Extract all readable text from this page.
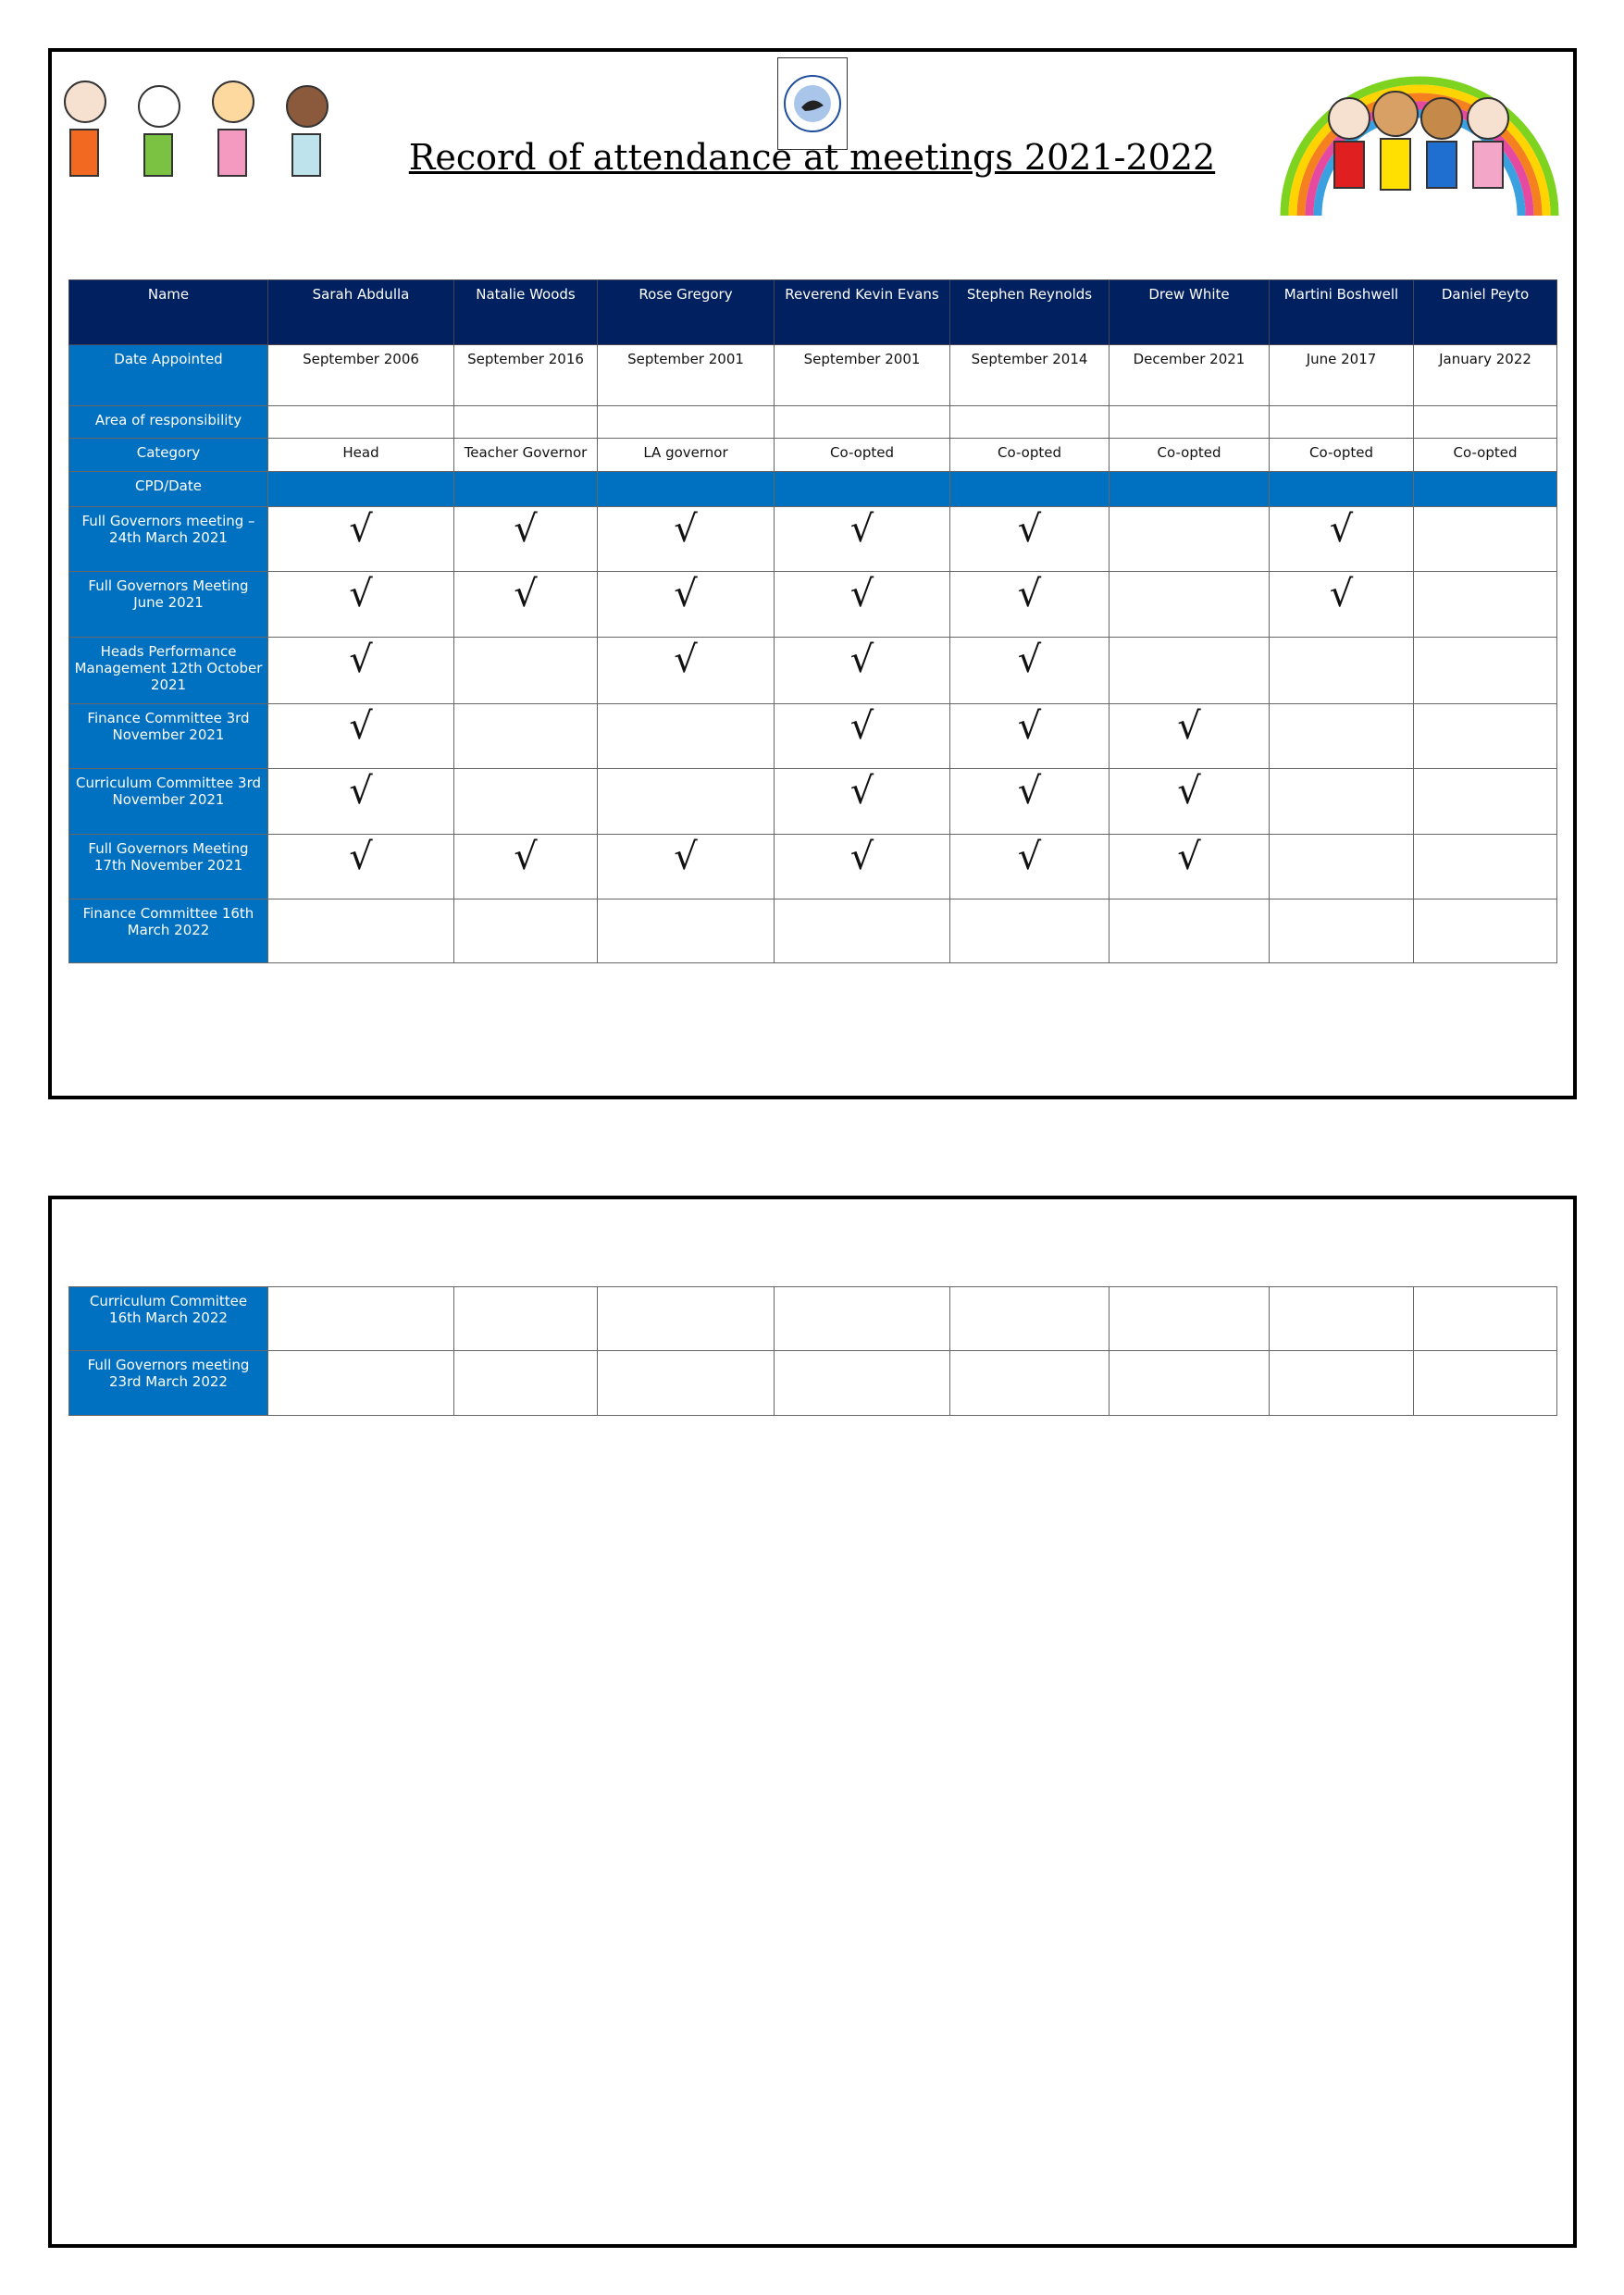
Record of attendance at meetings 2021-2022
Name	Sarah Abdulla	Natalie Woods	Rose Gregory	Reverend Kevin Evans	Stephen Reynolds	Drew White	Martini Boshwell	Daniel Peyto
Date Appointed	September 2006	September 2016	September 2001	September 2001	September 2014	December 2021	June 2017	January 2022
Area of responsibility								
Category	Head	Teacher Governor	LA governor	Co-opted	Co-opted	Co-opted	Co-opted	Co-opted
CPD/Date								
Full Governors meeting – 24th March 2021	√	√	√	√	√		√	
Full Governors Meeting June 2021	√	√	√	√	√		√	
Heads Performance Management 12th October 2021	√		√	√	√			
Finance Committee 3rd November 2021	√			√	√	√		
Curriculum Committee 3rd November 2021	√			√	√	√		
Full Governors Meeting 17th November 2021	√	√	√	√	√	√		
Finance Committee 16th March 2022								
Curriculum Committee 16th March 2022								
Full Governors meeting 23rd March 2022								
